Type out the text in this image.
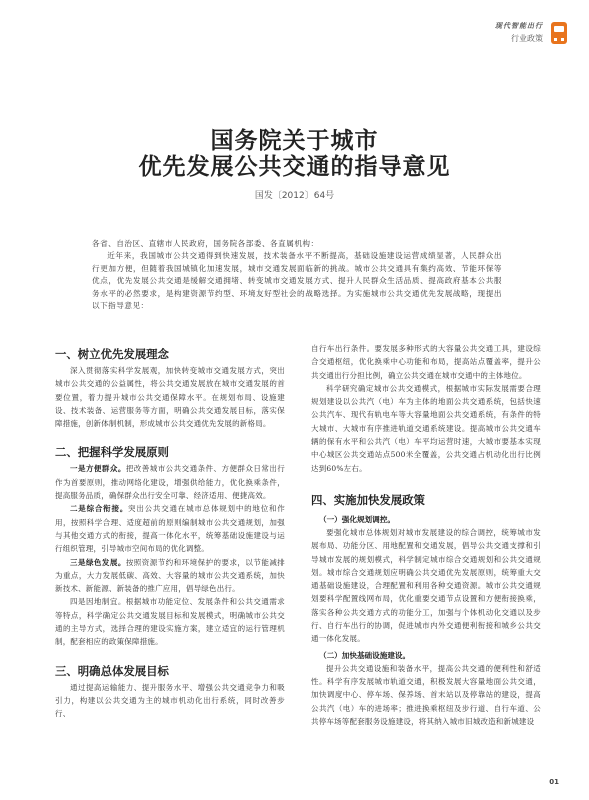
现代智能出行
行业政策
国务院关于城市
优先发展公共交通的指导意见
国发〔2012〕64号

各省、自治区、直辖市人民政府，国务院各部委、各直属机构：

近年来，我国城市公共交通得到快速发展，技术装备水平不断提高，基础设施建设运营成绩显著，人民群众出行更加方便，但随着我国城镇化加速发展，城市交通发展面临新的挑战。城市公共交通具有集约高效、节能环保等优点，优先发展公共交通是缓解交通拥堵、转变城市交通发展方式、提升人民群众生活品质、提高政府基本公共服务水平的必然要求，是构建资源节约型、环境友好型社会的战略选择。为实施城市公共交通优先发展战略，现提出以下指导意见：

一、树立优先发展理念

深入贯彻落实科学发展观，加快转变城市交通发展方式，突出城市公共交通的公益属性，将公共交通发展放在城市交通发展的首要位置，着力提升城市公共交通保障水平。在规划布局、设施建设、技术装备、运营服务等方面，明确公共交通发展目标，落实保障措施，创新体制机制，形成城市公共交通优先发展的新格局。

二、把握科学发展原则

一是方便群众。把改善城市公共交通条件、方便群众日常出行作为首要原则，推动网络化建设，增强供给能力，优化换乘条件，提高服务品质，确保群众出行安全可靠、经济适用、便捷高效。

二是综合衔接。突出公共交通在城市总体规划中的地位和作用，按照科学合理、适度超前的原则编制城市公共交通规划，加强与其他交通方式的衔接，提高一体化水平，统筹基础设施建设与运行组织管理，引导城市空间布局的优化调整。

三是绿色发展。按照资源节约和环境保护的要求，以节能减排为重点，大力发展低碳、高效、大容量的城市公共交通系统，加快新技术、新能源、新装备的推广应用，倡导绿色出行。

四是因地制宜。根据城市功能定位、发展条件和公共交通需求等特点，科学确定公共交通发展目标和发展模式，明确城市公共交通的主导方式，选择合理的建设实施方案，建立适宜的运行管理机制，配套相应的政策保障措施。

三、明确总体发展目标

通过提高运输能力、提升服务水平、增强公共交通竞争力和吸引力，构建以公共交通为主的城市机动化出行系统，同时改善步行、

自行车出行条件。要发展多种形式的大容量公共交通工具，建设综合交通枢纽，优化换乘中心功能和布局，提高站点覆盖率，提升公共交通出行分担比例，确立公共交通在城市交通中的主体地位。

科学研究确定城市公共交通模式，根据城市实际发展需要合理规划建设以公共汽（电）车为主体的地面公共交通系统，包括快速公共汽车、现代有轨电车等大容量地面公共交通系统，有条件的特大城市、大城市有序推进轨道交通系统建设。提高城市公共交通车辆的保有水平和公共汽（电）车平均运营时速，大城市要基本实现中心城区公共交通站点500米全覆盖，公共交通占机动化出行比例达到60%左右。

四、实施加快发展政策
（一）强化规划调控。

要强化城市总体规划对城市发展建设的综合调控，统筹城市发展布局、功能分区、用地配置和交通发展，倡导公共交通支撑和引导城市发展的规划模式，科学制定城市综合交通规划和公共交通规划。城市综合交通规划应明确公共交通优先发展原则，统筹重大交通基础设施建设，合理配置和利用各种交通资源。城市公共交通规划要科学配置线网布局，优化重要交通节点设置和方便衔接换乘，落实各种公共交通方式的功能分工，加强与个体机动化交通以及步行、自行车出行的协调，促进城市内外交通便利衔接和城乡公共交通一体化发展。

（二）加快基础设施建设。

提升公共交通设施和装备水平，提高公共交通的便利性和舒适性。科学有序发展城市轨道交通，积极发展大容量地面公共交通，加快调度中心、停车场、保养场、首末站以及停靠站的建设，提高公共汽（电）车的进场率；推进换乘枢纽及步行道、自行车道、公共停车场等配套服务设施建设，将其纳入城市旧城改造和新城建设

01
